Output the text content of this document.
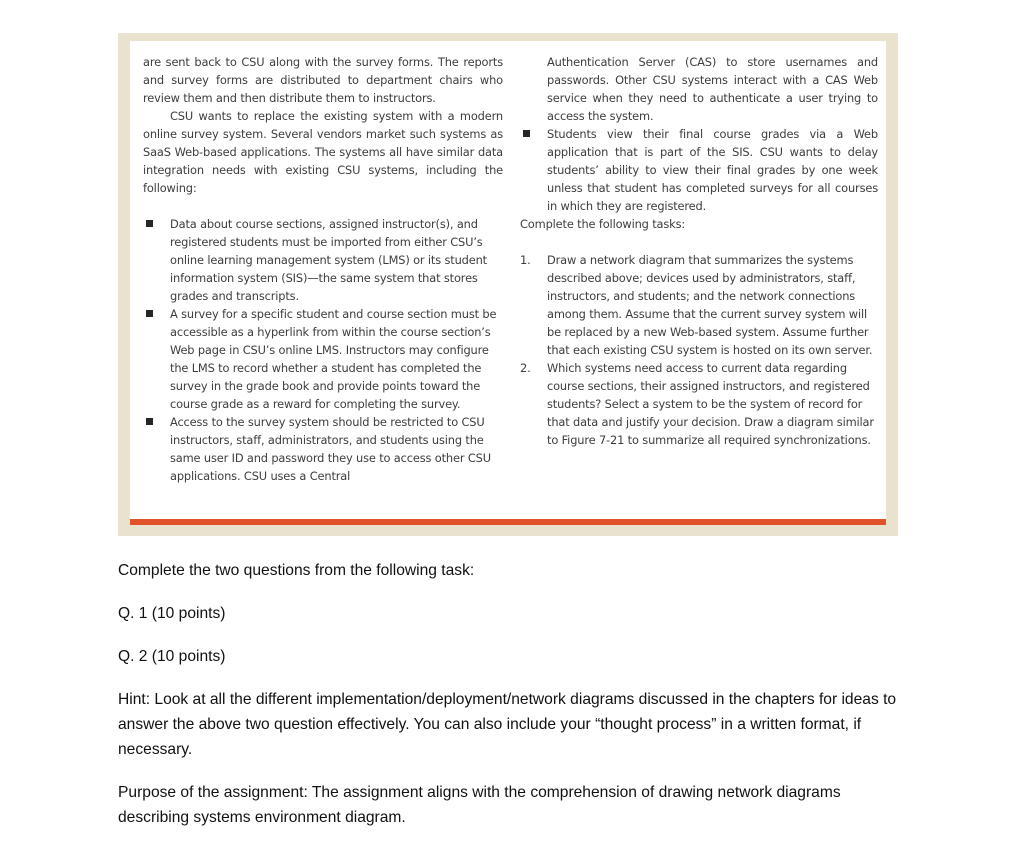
are sent back to CSU along with the survey forms. The reports and survey forms are distributed to department chairs who review them and then distribute them to instructors.

CSU wants to replace the existing system with a modern online survey system. Several vendors market such systems as SaaS Web-based applications. The systems all have similar data integration needs with existing CSU systems, including the following:

Data about course sections, assigned instructor(s), and registered students must be imported from either CSU’s online learning management system (LMS) or its student information system (SIS)—the same system that stores grades and transcripts.
A survey for a specific student and course section must be accessible as a hyperlink from within the course section’s Web page in CSU’s online LMS. Instructors may configure the LMS to record whether a student has completed the survey in the grade book and provide points toward the course grade as a reward for completing the survey.
Access to the survey system should be restricted to CSU instructors, staff, administrators, and students using the same user ID and password they use to access other CSU applications. CSU uses a Central

Authentication Server (CAS) to store usernames and passwords. Other CSU systems interact with a CAS Web service when they need to authenticate a user trying to access the system.

Students view their final course grades via a Web application that is part of the SIS. CSU wants to delay students’ ability to view their final grades by one week unless that student has completed surveys for all courses in which they are registered.

Complete the following tasks:

1. Draw a network diagram that summarizes the systems described above; devices used by administrators, staff, instructors, and students; and the network connections among them. Assume that the current survey system will be replaced by a new Web-based system. Assume further that each existing CSU system is hosted on its own server.
2. Which systems need access to current data regarding course sections, their assigned instructors, and registered students? Select a system to be the system of record for that data and justify your decision. Draw a diagram similar to Figure 7-21 to summarize all required synchronizations.

Complete the two questions from the following task:

Q. 1 (10 points)

Q. 2 (10 points)

Hint: Look at all the different implementation/deployment/network diagrams discussed in the chapters for ideas to answer the above two question effectively. You can also include your “thought process” in a written format, if necessary.

Purpose of the assignment: The assignment aligns with the comprehension of drawing network diagrams describing systems environment diagram.
